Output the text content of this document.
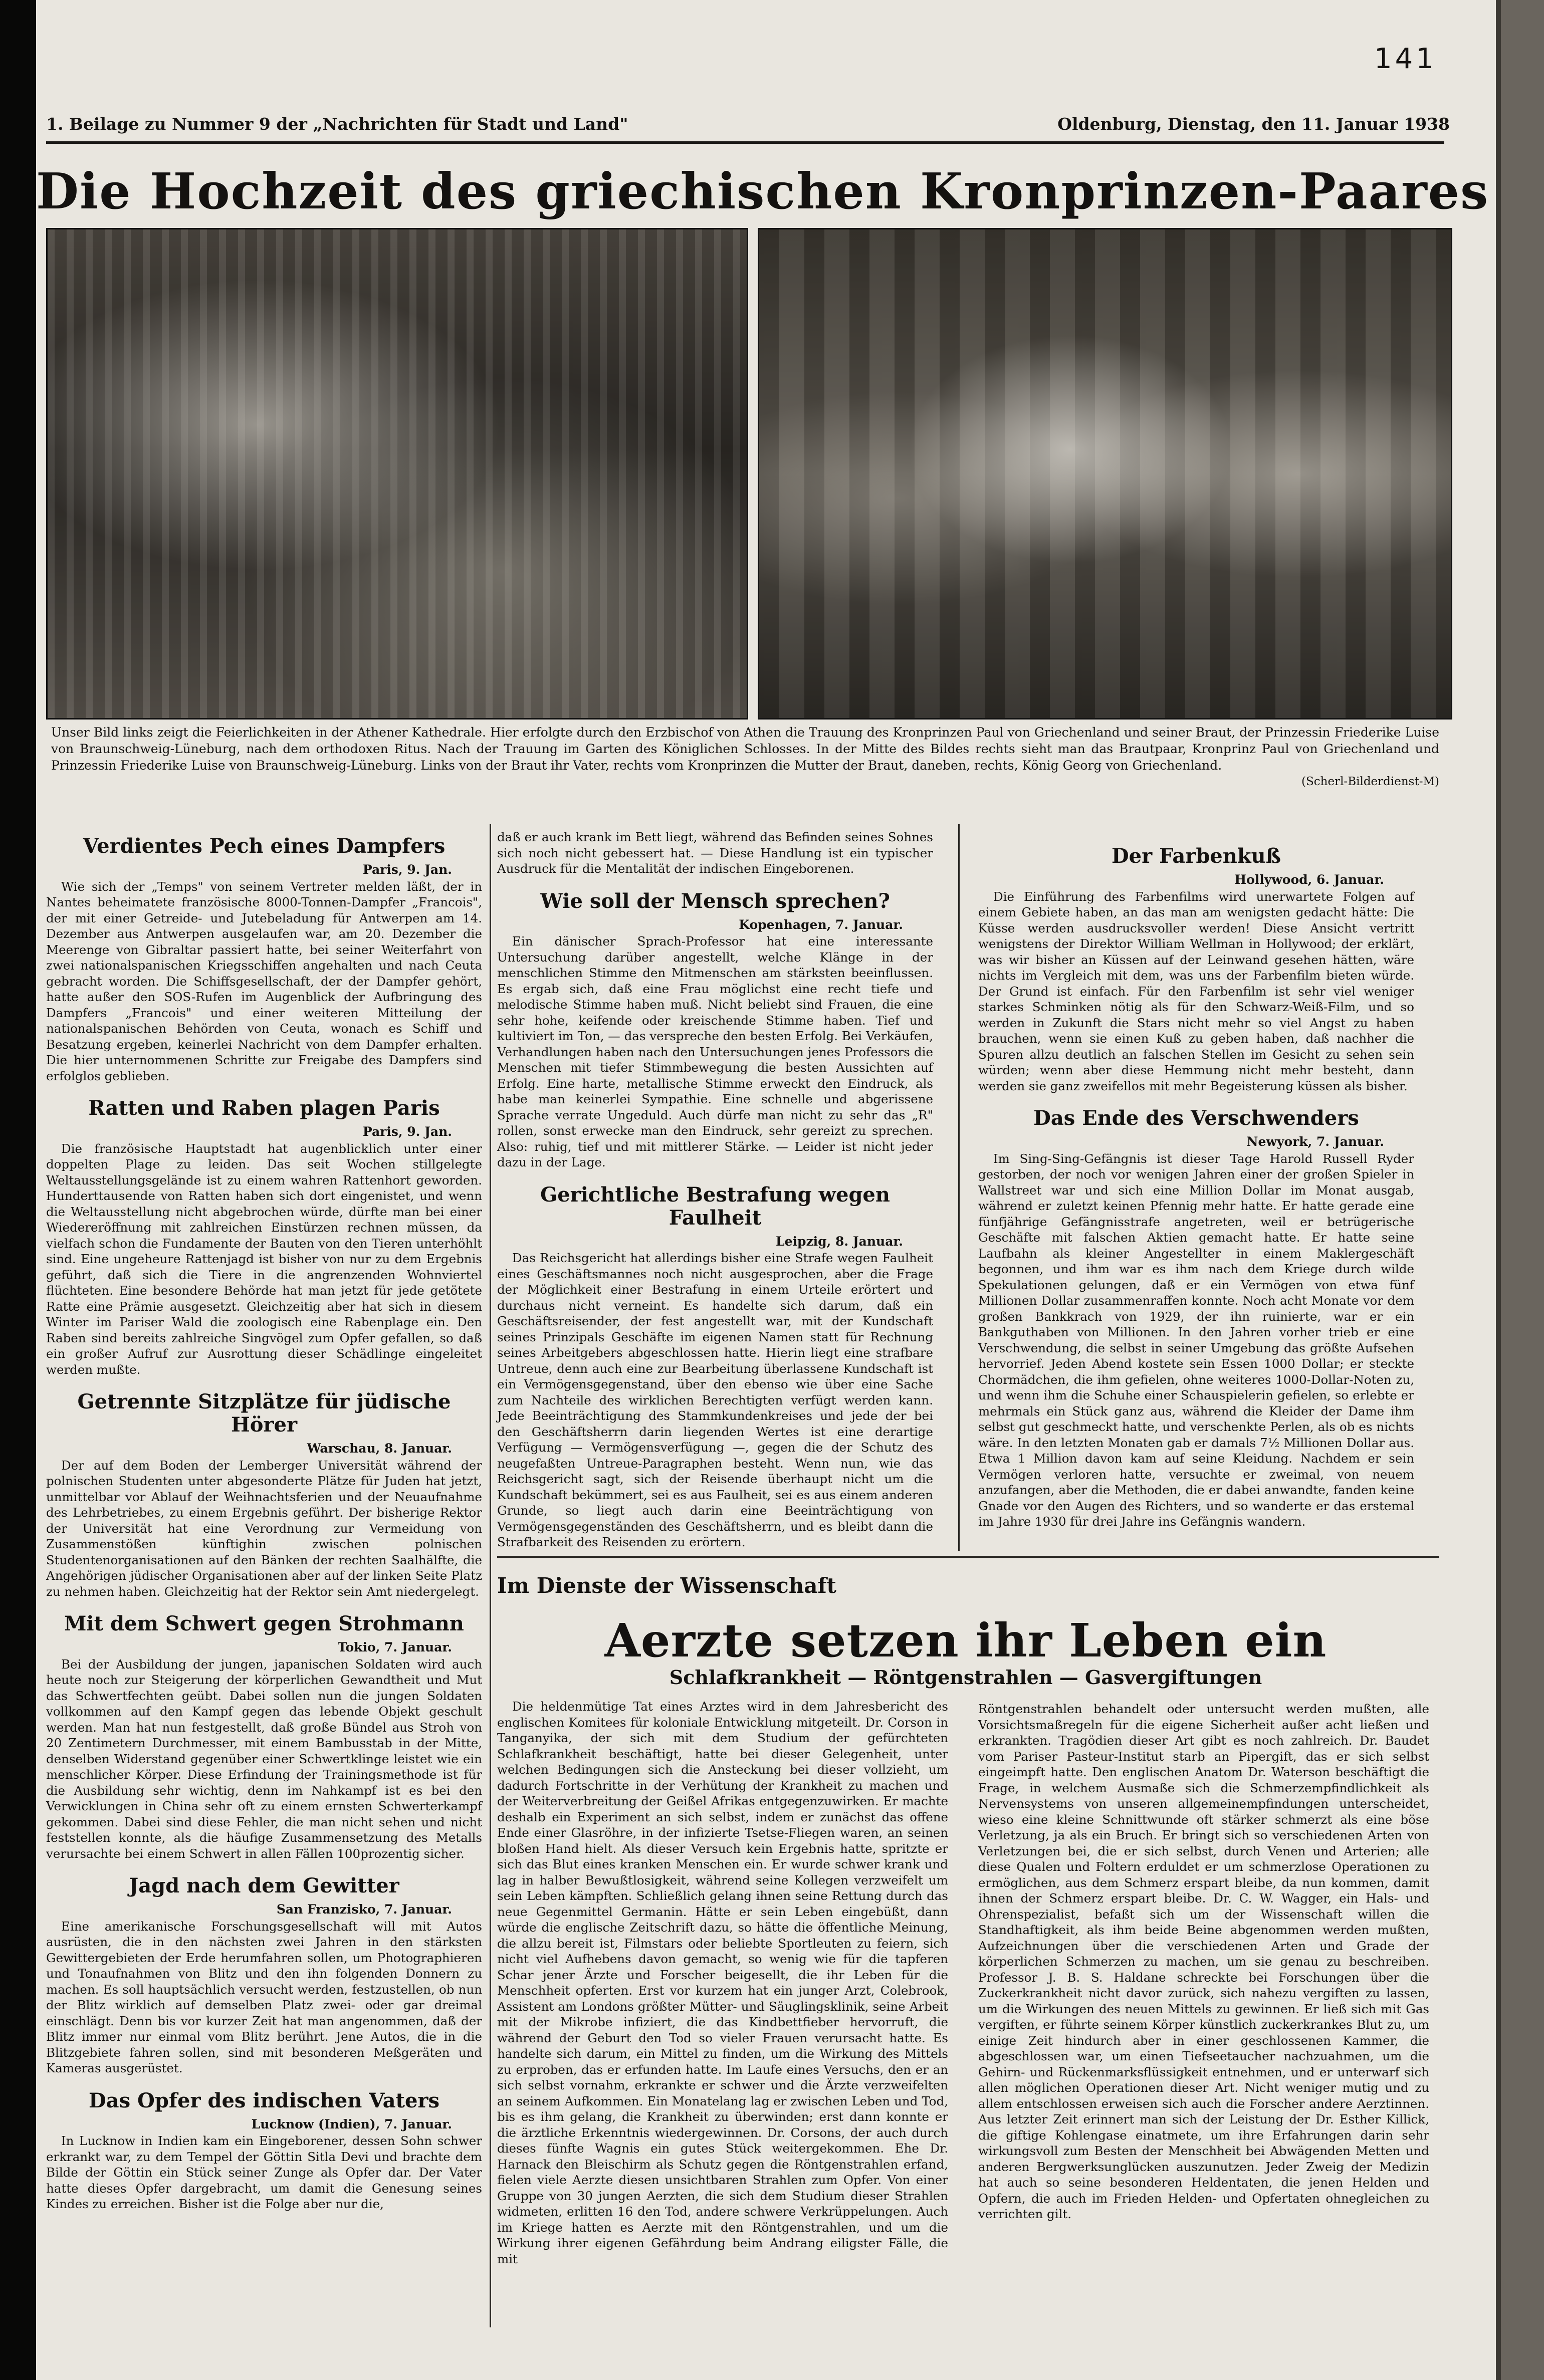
141
1. Beilage zu Nummer 9 der „Nachrichten für Stadt und Land"	Oldenburg, Dienstag, den 11. Januar 1938
Die Hochzeit des griechischen Kronprinzen-Paares
Unser Bild links zeigt die Feierlichkeiten in der Athener Kathedrale. Hier erfolgte durch den Erzbischof von Athen die Trauung des Kronprinzen Paul von Griechenland und seiner Braut, der Prinzessin Friederike Luise von Braunschweig-Lüneburg, nach dem orthodoxen Ritus. Nach der Trauung im Garten des Königlichen Schlosses. In der Mitte des Bildes rechts sieht man das Brautpaar, Kronprinz Paul von Griechenland und Prinzessin Friederike Luise von Braunschweig-Lüneburg. Links von der Braut ihr Vater, rechts vom Kronprinzen die Mutter der Braut, daneben, rechts, König Georg von Griechenland.
(Scherl-Bilderdienst-M)
Verdientes Pech eines Dampfers
Paris, 9. Jan.

Wie sich der „Temps" von seinem Vertreter melden läßt, der in Nantes beheimatete französische 8000-Tonnen-Dampfer „Francois", der mit einer Getreide- und Jutebeladung für Antwerpen am 14. Dezember aus Antwerpen ausgelaufen war, am 20. Dezember die Meerenge von Gibraltar passiert hatte, bei seiner Weiterfahrt von zwei nationalspanischen Kriegsschiffen angehalten und nach Ceuta gebracht worden. Die Schiffsgesellschaft, der der Dampfer gehört, hatte außer den SOS-Rufen im Augenblick der Aufbringung des Dampfers „Francois" und einer weiteren Mitteilung der nationalspanischen Behörden von Ceuta, wonach es Schiff und Besatzung ergeben, keinerlei Nachricht von dem Dampfer erhalten. Die hier unternommenen Schritte zur Freigabe des Dampfers sind erfolglos geblieben.

Ratten und Raben plagen Paris
Paris, 9. Jan.

Die französische Hauptstadt hat augenblicklich unter einer doppelten Plage zu leiden. Das seit Wochen stillgelegte Weltausstellungsgelände ist zu einem wahren Rattenhort geworden. Hunderttausende von Ratten haben sich dort eingenistet, und wenn die Weltausstellung nicht abgebrochen würde, dürfte man bei einer Wiedereröffnung mit zahlreichen Einstürzen rechnen müssen, da vielfach schon die Fundamente der Bauten von den Tieren unterhöhlt sind. Eine ungeheure Rattenjagd ist bisher von nur zu dem Ergebnis geführt, daß sich die Tiere in die angrenzenden Wohnviertel flüchteten. Eine besondere Behörde hat man jetzt für jede getötete Ratte eine Prämie ausgesetzt. Gleichzeitig aber hat sich in diesem Winter im Pariser Wald die zoologisch eine Rabenplage ein. Den Raben sind bereits zahlreiche Singvögel zum Opfer gefallen, so daß ein großer Aufruf zur Ausrottung dieser Schädlinge eingeleitet werden mußte.

Getrennte Sitzplätze für jüdische Hörer
Warschau, 8. Januar.

Der auf dem Boden der Lemberger Universität während der polnischen Studenten unter abgesonderte Plätze für Juden hat jetzt, unmittelbar vor Ablauf der Weihnachtsferien und der Neuaufnahme des Lehrbetriebes, zu einem Ergebnis geführt. Der bisherige Rektor der Universität hat eine Verordnung zur Vermeidung von Zusammenstößen künftighin zwischen polnischen Studentenorganisationen auf den Bänken der rechten Saalhälfte, die Angehörigen jüdischer Organisationen aber auf der linken Seite Platz zu nehmen haben. Gleichzeitig hat der Rektor sein Amt niedergelegt.

Mit dem Schwert gegen Strohmann
Tokio, 7. Januar.

Bei der Ausbildung der jungen, japanischen Soldaten wird auch heute noch zur Steigerung der körperlichen Gewandtheit und Mut das Schwertfechten geübt. Dabei sollen nun die jungen Soldaten vollkommen auf den Kampf gegen das lebende Objekt geschult werden. Man hat nun festgestellt, daß große Bündel aus Stroh von 20 Zentimetern Durchmesser, mit einem Bambusstab in der Mitte, denselben Widerstand gegenüber einer Schwertklinge leistet wie ein menschlicher Körper. Diese Erfindung der Trainingsmethode ist für die Ausbildung sehr wichtig, denn im Nahkampf ist es bei den Verwicklungen in China sehr oft zu einem ernsten Schwerterkampf gekommen. Dabei sind diese Fehler, die man nicht sehen und nicht feststellen konnte, als die häufige Zusammensetzung des Metalls verursachte bei einem Schwert in allen Fällen 100prozentig sicher.

Jagd nach dem Gewitter
San Franzisko, 7. Januar.

Eine amerikanische Forschungsgesellschaft will mit Autos ausrüsten, die in den nächsten zwei Jahren in den stärksten Gewittergebieten der Erde herumfahren sollen, um Photographieren und Tonaufnahmen von Blitz und den ihn folgenden Donnern zu machen. Es soll hauptsächlich versucht werden, festzustellen, ob nun der Blitz wirklich auf demselben Platz zwei- oder gar dreimal einschlägt. Denn bis vor kurzer Zeit hat man angenommen, daß der Blitz immer nur einmal vom Blitz berührt. Jene Autos, die in die Blitzgebiete fahren sollen, sind mit besonderen Meßgeräten und Kameras ausgerüstet.

Das Opfer des indischen Vaters
Lucknow (Indien), 7. Januar.

In Lucknow in Indien kam ein Eingeborener, dessen Sohn schwer erkrankt war, zu dem Tempel der Göttin Sitla Devi und brachte dem Bilde der Göttin ein Stück seiner Zunge als Opfer dar. Der Vater hatte dieses Opfer dargebracht, um damit die Genesung seines Kindes zu erreichen. Bisher ist die Folge aber nur die,

daß er auch krank im Bett liegt, während das Befinden seines Sohnes sich noch nicht gebessert hat. — Diese Handlung ist ein typischer Ausdruck für die Mentalität der indischen Eingeborenen.

Wie soll der Mensch sprechen?
Kopenhagen, 7. Januar.

Ein dänischer Sprach-Professor hat eine interessante Untersuchung darüber angestellt, welche Klänge in der menschlichen Stimme den Mitmenschen am stärksten beeinflussen. Es ergab sich, daß eine Frau möglichst eine recht tiefe und melodische Stimme haben muß. Nicht beliebt sind Frauen, die eine sehr hohe, keifende oder kreischende Stimme haben. Tief und kultiviert im Ton, — das verspreche den besten Erfolg. Bei Verkäufen, Verhandlungen haben nach den Untersuchungen jenes Professors die Menschen mit tiefer Stimmbewegung die besten Aussichten auf Erfolg. Eine harte, metallische Stimme erweckt den Eindruck, als habe man keinerlei Sympathie. Eine schnelle und abgerissene Sprache verrate Ungeduld. Auch dürfe man nicht zu sehr das „R" rollen, sonst erwecke man den Eindruck, sehr gereizt zu sprechen. Also: ruhig, tief und mit mittlerer Stärke. — Leider ist nicht jeder dazu in der Lage.

Gerichtliche Bestrafung wegen Faulheit
Leipzig, 8. Januar.

Das Reichsgericht hat allerdings bisher eine Strafe wegen Faulheit eines Geschäftsmannes noch nicht ausgesprochen, aber die Frage der Möglichkeit einer Bestrafung in einem Urteile erörtert und durchaus nicht verneint. Es handelte sich darum, daß ein Geschäftsreisender, der fest angestellt war, mit der Kundschaft seines Prinzipals Geschäfte im eigenen Namen statt für Rechnung seines Arbeitgebers abgeschlossen hatte. Hierin liegt eine strafbare Untreue, denn auch eine zur Bearbeitung überlassene Kundschaft ist ein Vermögensgegenstand, über den ebenso wie über eine Sache zum Nachteile des wirklichen Berechtigten verfügt werden kann. Jede Beeinträchtigung des Stammkundenkreises und jede der bei den Geschäftsherrn darin liegenden Wertes ist eine derartige Verfügung — Vermögensverfügung —, gegen die der Schutz des neugefaßten Untreue-Paragraphen besteht. Wenn nun, wie das Reichsgericht sagt, sich der Reisende überhaupt nicht um die Kundschaft bekümmert, sei es aus Faulheit, sei es aus einem anderen Grunde, so liegt auch darin eine Beeinträchtigung von Vermögensgegenständen des Geschäftsherrn, und es bleibt dann die Strafbarkeit des Reisenden zu erörtern.

Der Farbenkuß
Hollywood, 6. Januar.

Die Einführung des Farbenfilms wird unerwartete Folgen auf einem Gebiete haben, an das man am wenigsten gedacht hätte: Die Küsse werden ausdrucksvoller werden! Diese Ansicht vertritt wenigstens der Direktor William Wellman in Hollywood; der erklärt, was wir bisher an Küssen auf der Leinwand gesehen hätten, wäre nichts im Vergleich mit dem, was uns der Farbenfilm bieten würde. Der Grund ist einfach. Für den Farbenfilm ist sehr viel weniger starkes Schminken nötig als für den Schwarz-Weiß-Film, und so werden in Zukunft die Stars nicht mehr so viel Angst zu haben brauchen, wenn sie einen Kuß zu geben haben, daß nachher die Spuren allzu deutlich an falschen Stellen im Gesicht zu sehen sein würden; wenn aber diese Hemmung nicht mehr besteht, dann werden sie ganz zweifellos mit mehr Begeisterung küssen als bisher.

Das Ende des Verschwenders
Newyork, 7. Januar.

Im Sing-Sing-Gefängnis ist dieser Tage Harold Russell Ryder gestorben, der noch vor wenigen Jahren einer der großen Spieler in Wallstreet war und sich eine Million Dollar im Monat ausgab, während er zuletzt keinen Pfennig mehr hatte. Er hatte gerade eine fünfjährige Gefängnisstrafe angetreten, weil er betrügerische Geschäfte mit falschen Aktien gemacht hatte. Er hatte seine Laufbahn als kleiner Angestellter in einem Maklergeschäft begonnen, und ihm war es ihm nach dem Kriege durch wilde Spekulationen gelungen, daß er ein Vermögen von etwa fünf Millionen Dollar zusammenraffen konnte. Noch acht Monate vor dem großen Bankkrach von 1929, der ihn ruinierte, war er ein Bankguthaben von Millionen. In den Jahren vorher trieb er eine Verschwendung, die selbst in seiner Umgebung das größte Aufsehen hervorrief. Jeden Abend kostete sein Essen 1000 Dollar; er steckte Chormädchen, die ihm gefielen, ohne weiteres 1000-Dollar-Noten zu, und wenn ihm die Schuhe einer Schauspielerin gefielen, so erlebte er mehrmals ein Stück ganz aus, während die Kleider der Dame ihm selbst gut geschmeckt hatte, und verschenkte Perlen, als ob es nichts wäre. In den letzten Monaten gab er damals 7½ Millionen Dollar aus. Etwa 1 Million davon kam auf seine Kleidung. Nachdem er sein Vermögen verloren hatte, versuchte er zweimal, von neuem anzufangen, aber die Methoden, die er dabei anwandte, fanden keine Gnade vor den Augen des Richters, und so wanderte er das erstemal im Jahre 1930 für drei Jahre ins Gefängnis wandern.

Im Dienste der Wissenschaft
Aerzte setzen ihr Leben ein
Schlafkrankheit — Röntgenstrahlen — Gasvergiftungen

Die heldenmütige Tat eines Arztes wird in dem Jahresbericht des englischen Komitees für koloniale Entwicklung mitgeteilt. Dr. Corson in Tanganyika, der sich mit dem Studium der gefürchteten Schlafkrankheit beschäftigt, hatte bei dieser Gelegenheit, unter welchen Bedingungen sich die Ansteckung bei dieser vollzieht, um dadurch Fortschritte in der Verhütung der Krankheit zu machen und der Weiterverbreitung der Geißel Afrikas entgegenzuwirken. Er machte deshalb ein Experiment an sich selbst, indem er zunächst das offene Ende einer Glasröhre, in der infizierte Tsetse-Fliegen waren, an seinen bloßen Hand hielt. Als dieser Versuch kein Ergebnis hatte, spritzte er sich das Blut eines kranken Menschen ein. Er wurde schwer krank und lag in halber Bewußtlosigkeit, während seine Kollegen verzweifelt um sein Leben kämpften. Schließlich gelang ihnen seine Rettung durch das neue Gegenmittel Germanin. Hätte er sein Leben eingebüßt, dann würde die englische Zeitschrift dazu, so hätte die öffentliche Meinung, die allzu bereit ist, Filmstars oder beliebte Sportleuten zu feiern, sich nicht viel Aufhebens davon gemacht, so wenig wie für die tapferen Schar jener Ärzte und Forscher beigesellt, die ihr Leben für die Menschheit opferten. Erst vor kurzem hat ein junger Arzt, Colebrook, Assistent am Londons größter Mütter- und Säuglingsklinik, seine Arbeit mit der Mikrobe infiziert, die das Kindbettfieber hervorruft, die während der Geburt den Tod so vieler Frauen verursacht hatte. Es handelte sich darum, ein Mittel zu finden, um die Wirkung des Mittels zu erproben, das er erfunden hatte. Im Laufe eines Versuchs, den er an sich selbst vornahm, erkrankte er schwer und die Ärzte verzweifelten an seinem Aufkommen. Ein Monatelang lag er zwischen Leben und Tod, bis es ihm gelang, die Krankheit zu überwinden; erst dann konnte er die ärztliche Erkenntnis wiedergewinnen. Dr. Corsons, der auch durch dieses fünfte Wagnis ein gutes Stück weitergekommen. Ehe Dr. Harnack den Bleischirm als Schutz gegen die Röntgenstrahlen erfand, fielen viele Aerzte diesen unsichtbaren Strahlen zum Opfer. Von einer Gruppe von 30 jungen Aerzten, die sich dem Studium dieser Strahlen widmeten, erlitten 16 den Tod, andere schwere Verkrüppelungen. Auch im Kriege hatten es Aerzte mit den Röntgenstrahlen, und um die Wirkung ihrer eigenen Gefährdung beim Andrang eiligster Fälle, die mit

Röntgenstrahlen behandelt oder untersucht werden mußten, alle Vorsichtsmaßregeln für die eigene Sicherheit außer acht ließen und erkrankten. Tragödien dieser Art gibt es noch zahlreich. Dr. Baudet vom Pariser Pasteur-Institut starb an Pipergift, das er sich selbst eingeimpft hatte. Den englischen Anatom Dr. Waterson beschäftigt die Frage, in welchem Ausmaße sich die Schmerzempfindlichkeit als Nervensystems von unseren allgemeinempfindungen unterscheidet, wieso eine kleine Schnittwunde oft stärker schmerzt als eine böse Verletzung, ja als ein Bruch. Er bringt sich so verschiedenen Arten von Verletzungen bei, die er sich selbst, durch Venen und Arterien; alle diese Qualen und Foltern erduldet er um schmerzlose Operationen zu ermöglichen, aus dem Schmerz erspart bleibe, da nun kommen, damit ihnen der Schmerz erspart bleibe. Dr. C. W. Wagger, ein Hals- und Ohrenspezialist, befaßt sich um der Wissenschaft willen die Standhaftigkeit, als ihm beide Beine abgenommen werden mußten, Aufzeichnungen über die verschiedenen Arten und Grade der körperlichen Schmerzen zu machen, um sie genau zu beschreiben. Professor J. B. S. Haldane schreckte bei Forschungen über die Zuckerkrankheit nicht davor zurück, sich nahezu vergiften zu lassen, um die Wirkungen des neuen Mittels zu gewinnen. Er ließ sich mit Gas vergiften, er führte seinem Körper künstlich zuckerkrankes Blut zu, um einige Zeit hindurch aber in einer geschlossenen Kammer, die abgeschlossen war, um einen Tiefseetaucher nachzuahmen, um die Gehirn- und Rückenmarksflüssigkeit entnehmen, und er unterwarf sich allen möglichen Operationen dieser Art. Nicht weniger mutig und zu allem entschlossen erweisen sich auch die Forscher andere Aerztinnen. Aus letzter Zeit erinnert man sich der Leistung der Dr. Esther Killick, die giftige Kohlengase einatmete, um ihre Erfahrungen darin sehr wirkungsvoll zum Besten der Menschheit bei Abwägenden Metten und anderen Bergwerksunglücken auszunutzen. Jeder Zweig der Medizin hat auch so seine besonderen Heldentaten, die jenen Helden und Opfern, die auch im Frieden Helden- und Opfertaten ohnegleichen zu verrichten gilt.
